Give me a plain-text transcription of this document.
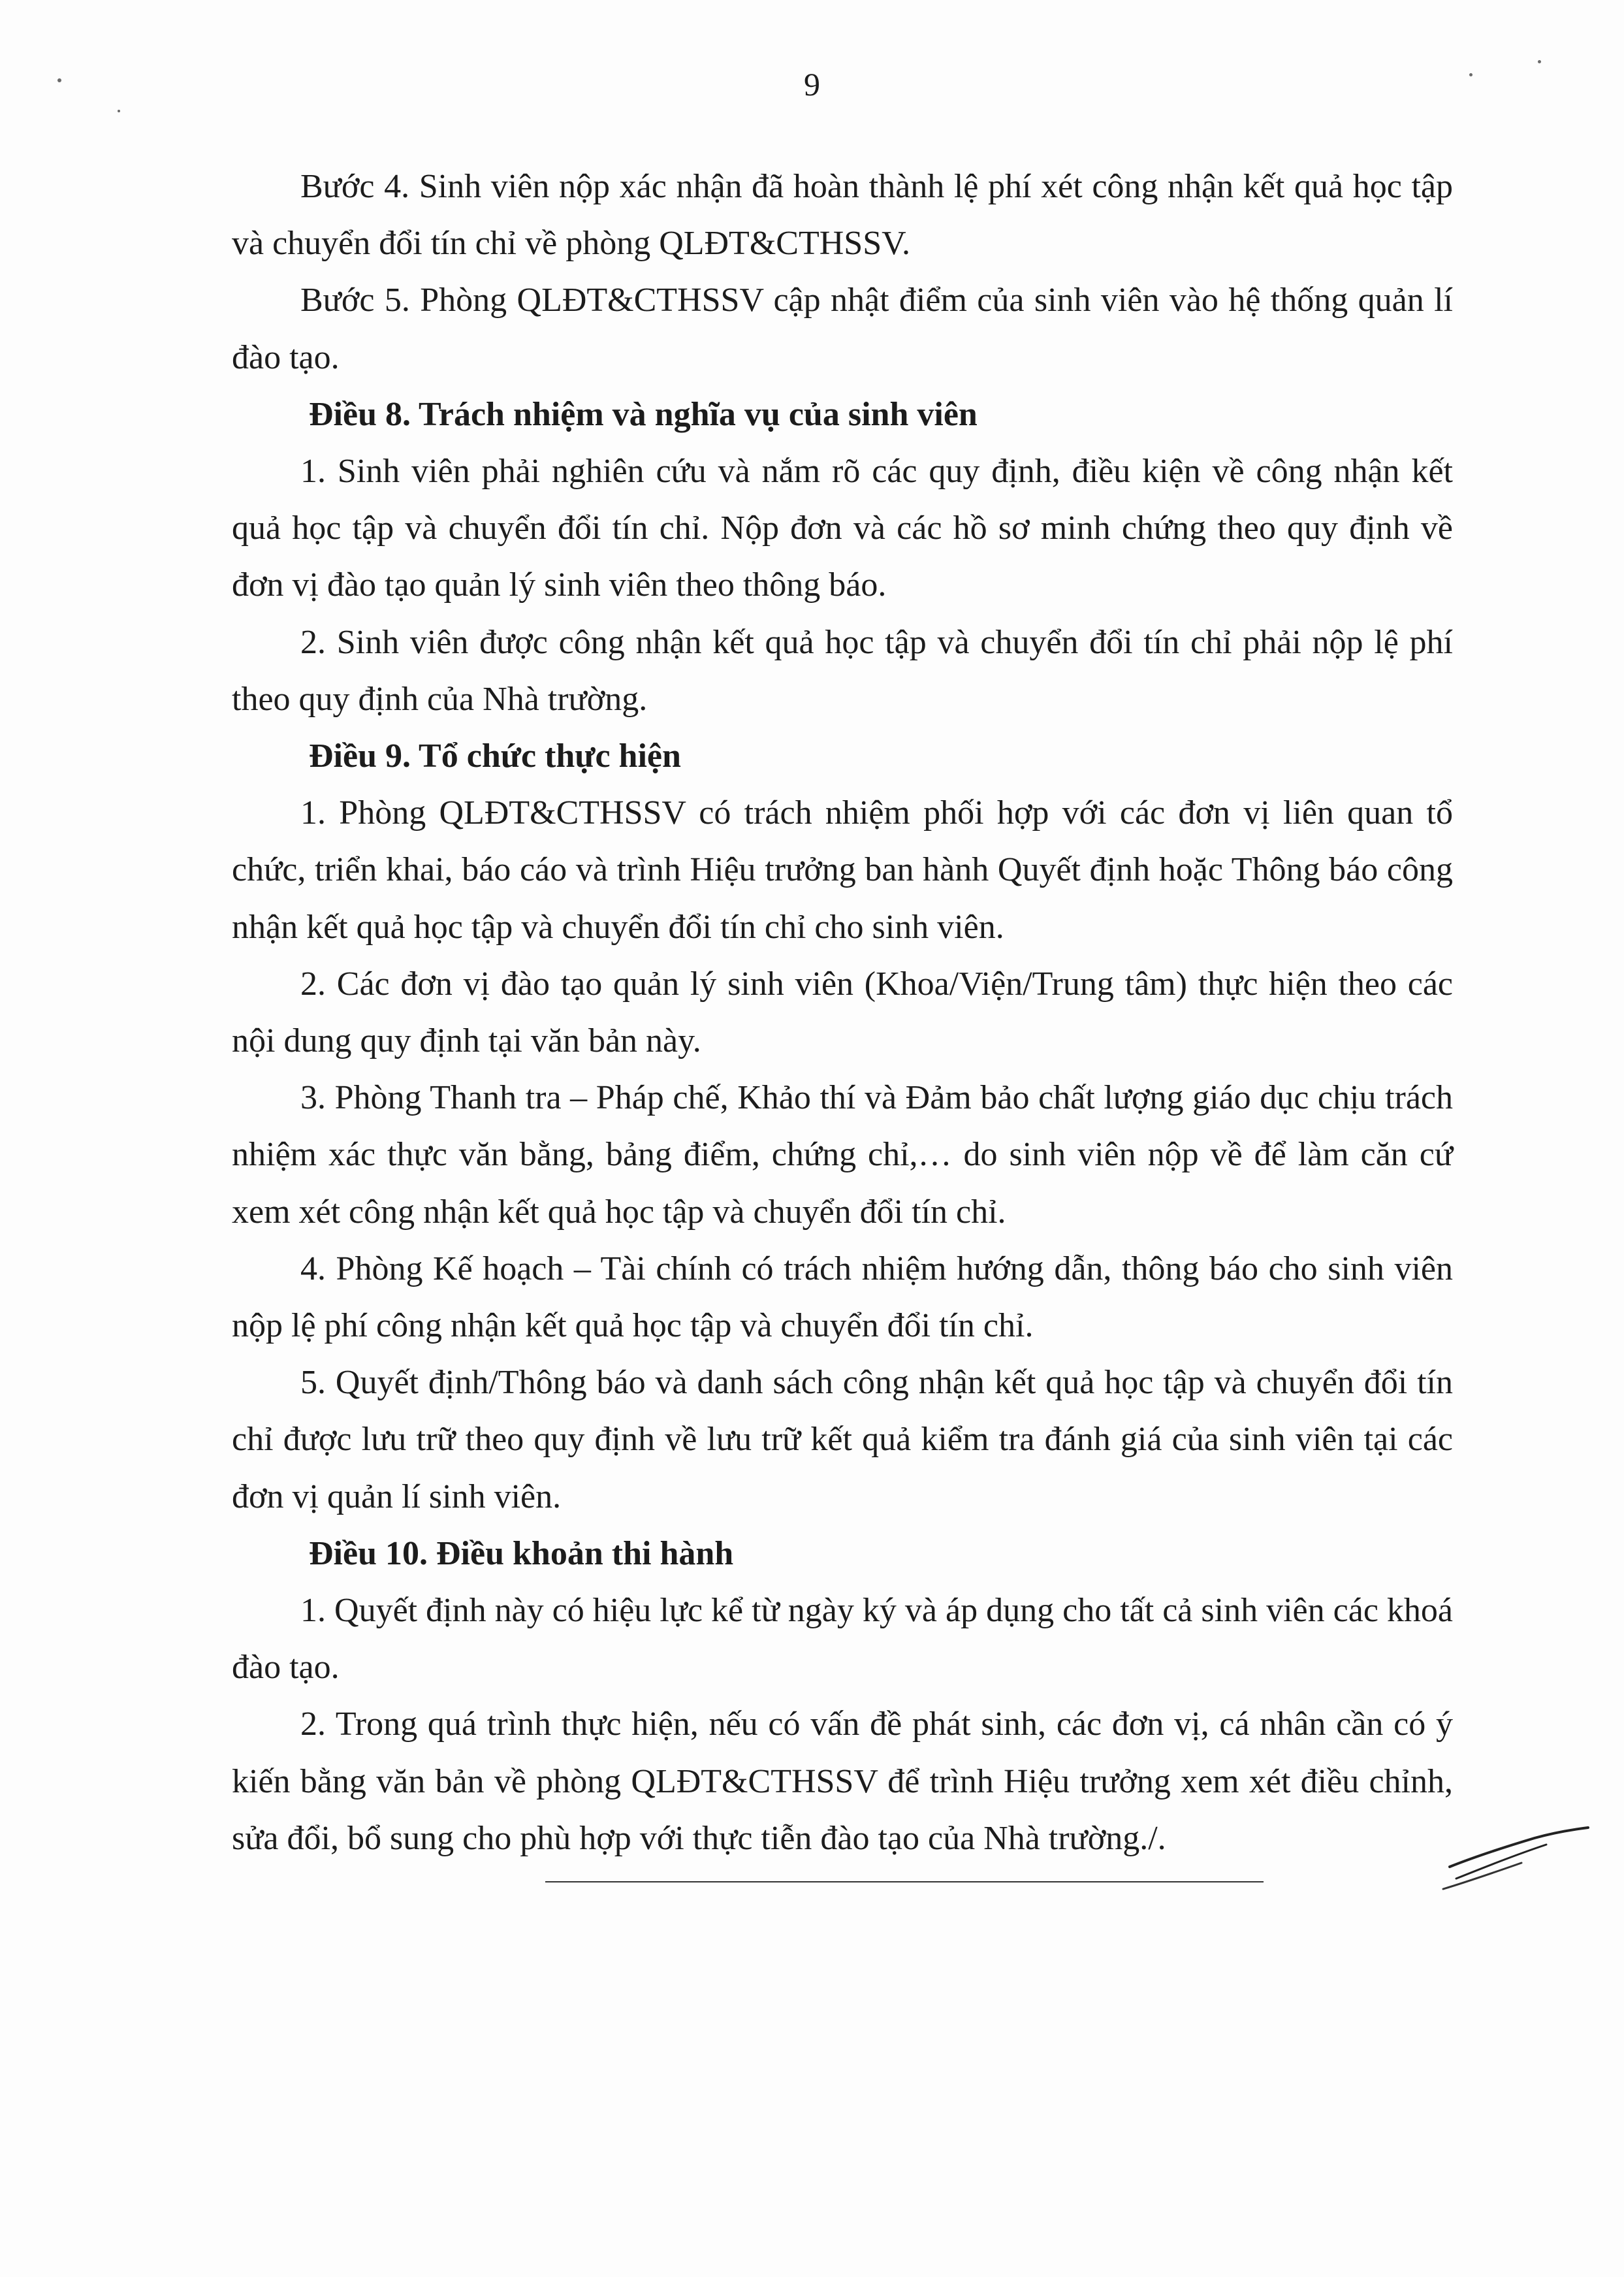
9

Bước 4. Sinh viên nộp xác nhận đã hoàn thành lệ phí xét công nhận kết quả học tập và chuyển đổi tín chỉ về phòng QLĐT&CTHSSV.

Bước 5. Phòng QLĐT&CTHSSV cập nhật điểm của sinh viên vào hệ thống quản lí đào tạo.

Điều 8. Trách nhiệm và nghĩa vụ của sinh viên

1. Sinh viên phải nghiên cứu và nắm rõ các quy định, điều kiện về công nhận kết quả học tập và chuyển đổi tín chỉ. Nộp đơn và các hồ sơ minh chứng theo quy định về đơn vị đào tạo quản lý sinh viên theo thông báo.

2. Sinh viên được công nhận kết quả học tập và chuyển đổi tín chỉ phải nộp lệ phí theo quy định của Nhà trường.

Điều 9. Tổ chức thực hiện

1. Phòng QLĐT&CTHSSV có trách nhiệm phối hợp với các đơn vị liên quan tổ chức, triển khai, báo cáo và trình Hiệu trưởng ban hành Quyết định hoặc Thông báo công nhận kết quả học tập và chuyển đổi tín chỉ cho sinh viên.

2. Các đơn vị đào tạo quản lý sinh viên (Khoa/Viện/Trung tâm) thực hiện theo các nội dung quy định tại văn bản này.

3. Phòng Thanh tra – Pháp chế, Khảo thí và Đảm bảo chất lượng giáo dục chịu trách nhiệm xác thực văn bằng, bảng điểm, chứng chỉ,… do sinh viên nộp về để làm căn cứ xem xét công nhận kết quả học tập và chuyển đổi tín chỉ.

4. Phòng Kế hoạch – Tài chính có trách nhiệm hướng dẫn, thông báo cho sinh viên nộp lệ phí công nhận kết quả học tập và chuyển đổi tín chỉ.

5. Quyết định/Thông báo và danh sách công nhận kết quả học tập và chuyển đổi tín chỉ được lưu trữ theo quy định về lưu trữ kết quả kiểm tra đánh giá của sinh viên tại các đơn vị quản lí sinh viên.

Điều 10. Điều khoản thi hành

1. Quyết định này có hiệu lực kể từ ngày ký và áp dụng cho tất cả sinh viên các khoá đào tạo.

2. Trong quá trình thực hiện, nếu có vấn đề phát sinh, các đơn vị, cá nhân cần có ý kiến bằng văn bản về phòng QLĐT&CTHSSV để trình Hiệu trưởng xem xét điều chỉnh, sửa đổi, bổ sung cho phù hợp với thực tiễn đào tạo của Nhà trường./.
